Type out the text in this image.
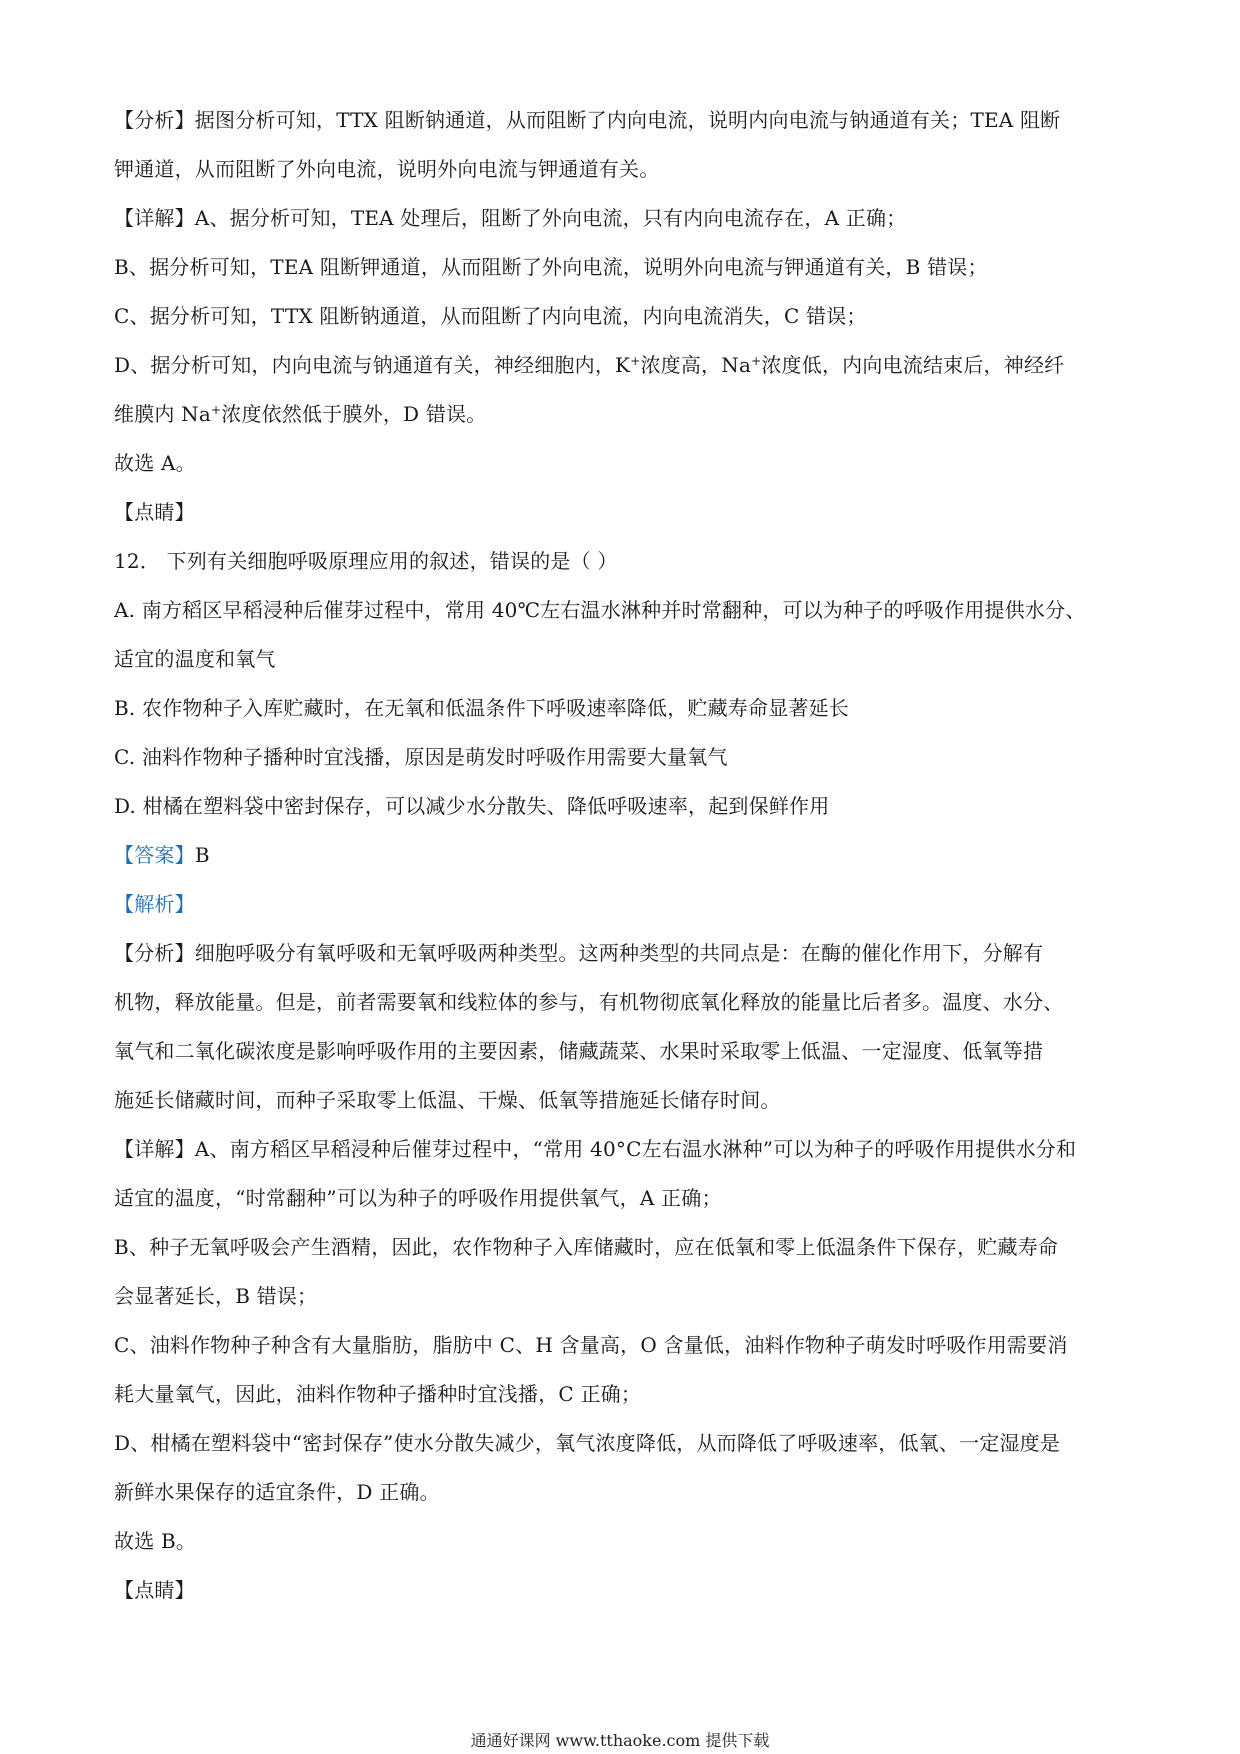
【分析】据图分析可知，TTX 阻断钠通道，从而阻断了内向电流，说明内向电流与钠通道有关；TEA 阻断
钾通道，从而阻断了外向电流，说明外向电流与钾通道有关。
【详解】A、据分析可知，TEA 处理后，阻断了外向电流，只有内向电流存在，A 正确；
B、据分析可知，TEA 阻断钾通道，从而阻断了外向电流，说明外向电流与钾通道有关，B 错误；
C、据分析可知，TTX 阻断钠通道，从而阻断了内向电流，内向电流消失，C 错误；
D、据分析可知，内向电流与钠通道有关，神经细胞内，K+浓度高，Na+浓度低，内向电流结束后，神经纤
维膜内 Na+浓度依然低于膜外，D 错误。
故选 A。
【点睛】
12． 下列有关细胞呼吸原理应用的叙述，错误的是（ ）
A. 南方稻区早稻浸种后催芽过程中，常用 40℃左右温水淋种并时常翻种，可以为种子的呼吸作用提供水分、
适宜的温度和氧气
B. 农作物种子入库贮藏时，在无氧和低温条件下呼吸速率降低，贮藏寿命显著延长
C. 油料作物种子播种时宜浅播，原因是萌发时呼吸作用需要大量氧气
D. 柑橘在塑料袋中密封保存，可以减少水分散失、降低呼吸速率，起到保鲜作用
【答案】B
【解析】
【分析】细胞呼吸分有氧呼吸和无氧呼吸两种类型。这两种类型的共同点是：在酶的催化作用下，分解有
机物，释放能量。但是，前者需要氧和线粒体的参与，有机物彻底氧化释放的能量比后者多。温度、水分、
氧气和二氧化碳浓度是影响呼吸作用的主要因素，储藏蔬菜、水果时采取零上低温、一定湿度、低氧等措
施延长储藏时间，而种子采取零上低温、干燥、低氧等措施延长储存时间。
【详解】A、南方稻区早稻浸种后催芽过程中，“常用 40°C左右温水淋种”可以为种子的呼吸作用提供水分和
适宜的温度，“时常翻种”可以为种子的呼吸作用提供氧气，A 正确；
B、种子无氧呼吸会产生酒精，因此，农作物种子入库储藏时，应在低氧和零上低温条件下保存，贮藏寿命
会显著延长，B 错误；
C、油料作物种子种含有大量脂肪，脂肪中 C、H 含量高，O 含量低，油料作物种子萌发时呼吸作用需要消
耗大量氧气，因此，油料作物种子播种时宜浅播，C 正确；
D、柑橘在塑料袋中“密封保存”使水分散失减少，氧气浓度降低，从而降低了呼吸速率，低氧、一定湿度是
新鲜水果保存的适宜条件，D 正确。
故选 B。
【点睛】
通通好课网 www.tthaoke.com 提供下载
